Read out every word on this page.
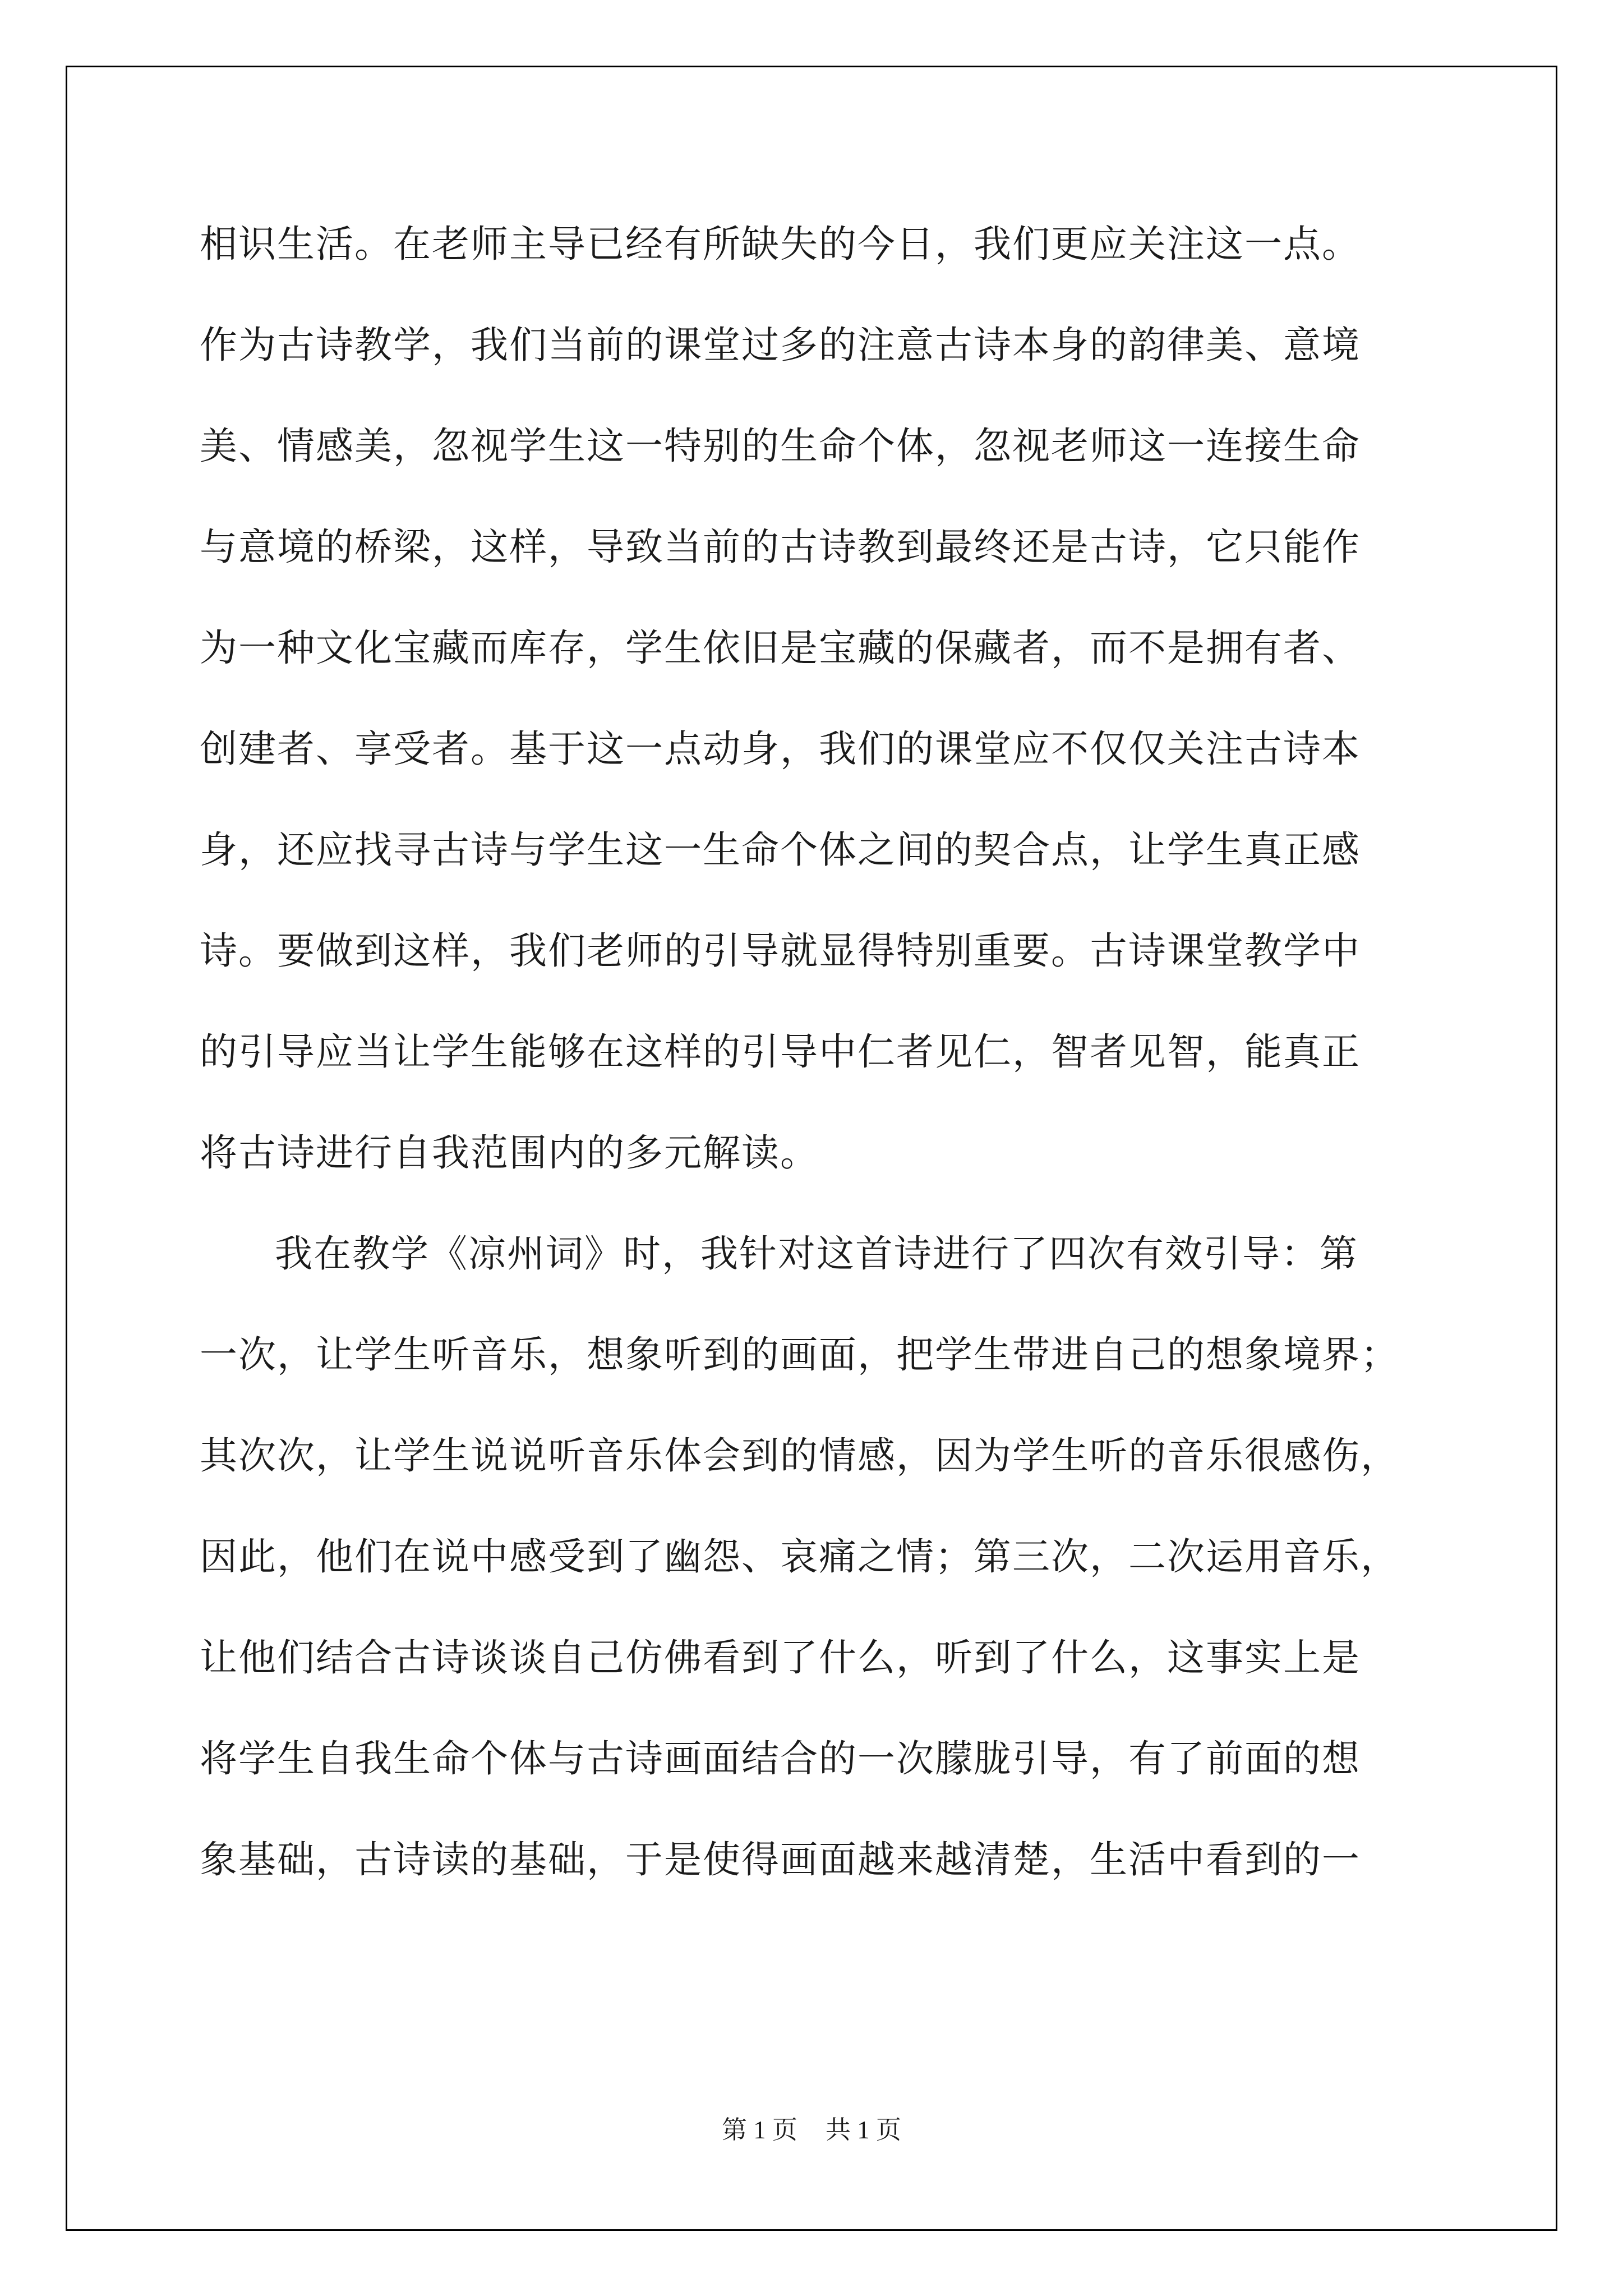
相识生活。在老师主导已经有所缺失的今日，我们更应关注这一点。
作为古诗教学，我们当前的课堂过多的注意古诗本身的韵律美、意境
美、情感美，忽视学生这一特别的生命个体，忽视老师这一连接生命
与意境的桥梁，这样，导致当前的古诗教到最终还是古诗，它只能作
为一种文化宝藏而库存，学生依旧是宝藏的保藏者，而不是拥有者、
创建者、享受者。基于这一点动身，我们的课堂应不仅仅关注古诗本
身，还应找寻古诗与学生这一生命个体之间的契合点，让学生真正感
诗。要做到这样，我们老师的引导就显得特别重要。古诗课堂教学中
的引导应当让学生能够在这样的引导中仁者见仁，智者见智，能真正
将古诗进行自我范围内的多元解读。
我在教学《凉州词》时，我针对这首诗进行了四次有效引导：第
一次，让学生听音乐，想象听到的画面，把学生带进自己的想象境界；
其次次，让学生说说听音乐体会到的情感，因为学生听的音乐很感伤，
因此，他们在说中感受到了幽怨、哀痛之情；第三次，二次运用音乐，
让他们结合古诗谈谈自己仿佛看到了什么，听到了什么，这事实上是
将学生自我生命个体与古诗画面结合的一次朦胧引导，有了前面的想
象基础，古诗读的基础，于是使得画面越来越清楚，生活中看到的一
第 1 页 共 1 页
